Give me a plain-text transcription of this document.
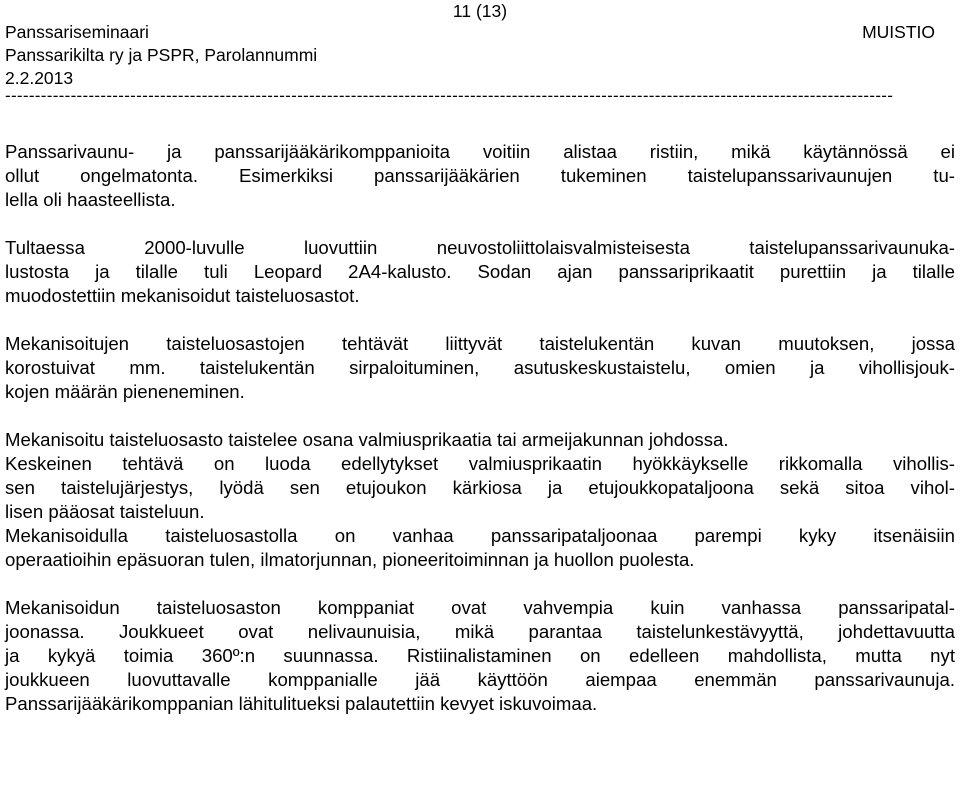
11 (13)
Panssariseminaari
Panssarikilta ry ja PSPR, Parolannummi
2.2.2013
MUISTIO
-----------------------------------------------------------------------------------------------------------------------------------------------------

Panssarivaunu- ja panssarijääkärikomppanioita voitiin alistaa ristiin, mikä käytännössä ei
ollut ongelmatonta. Esimerkiksi panssarijääkärien tukeminen taistelupanssarivaunujen tu-
lella oli haasteellista.

Tultaessa 2000-luvulle luovuttiin neuvostoliittolaisvalmisteisesta taistelupanssarivaunuka-
lustosta ja tilalle tuli Leopard 2A4-kalusto. Sodan ajan panssariprikaatit purettiin ja tilalle
muodostettiin mekanisoidut taisteluosastot.

Mekanisoitujen taisteluosastojen tehtävät liittyvät taistelukentän kuvan muutoksen, jossa
korostuivat mm. taistelukentän sirpaloituminen, asutuskeskustaistelu, omien ja vihollisjouk-
kojen määrän pieneneminen.

Mekanisoitu taisteluosasto taistelee osana valmiusprikaatia tai armeijakunnan johdossa.
Keskeinen tehtävä on luoda edellytykset valmiusprikaatin hyökkäykselle rikkomalla vihollis-
sen taistelujärjestys, lyödä sen etujoukon kärkiosa ja etujoukkopataljoona sekä sitoa vihol-
lisen pääosat taisteluun.

Mekanisoidulla taisteluosastolla on vanhaa panssaripataljoonaa parempi kyky itsenäisiin
operaatioihin epäsuoran tulen, ilmatorjunnan, pioneeritoiminnan ja huollon puolesta.

Mekanisoidun taisteluosaston komppaniat ovat vahvempia kuin vanhassa panssaripatal-
joonassa. Joukkueet ovat nelivaunuisia, mikä parantaa taistelunkestävyyttä, johdettavuutta
ja kykyä toimia 360º:n suunnassa. Ristiinalistaminen on edelleen mahdollista, mutta nyt
joukkueen luovuttavalle komppanialle jää käyttöön aiempaa enemmän panssarivaunuja.
Panssarijääkärikomppanian lähitulitueksi palautettiin kevyet iskuvoimaa.
